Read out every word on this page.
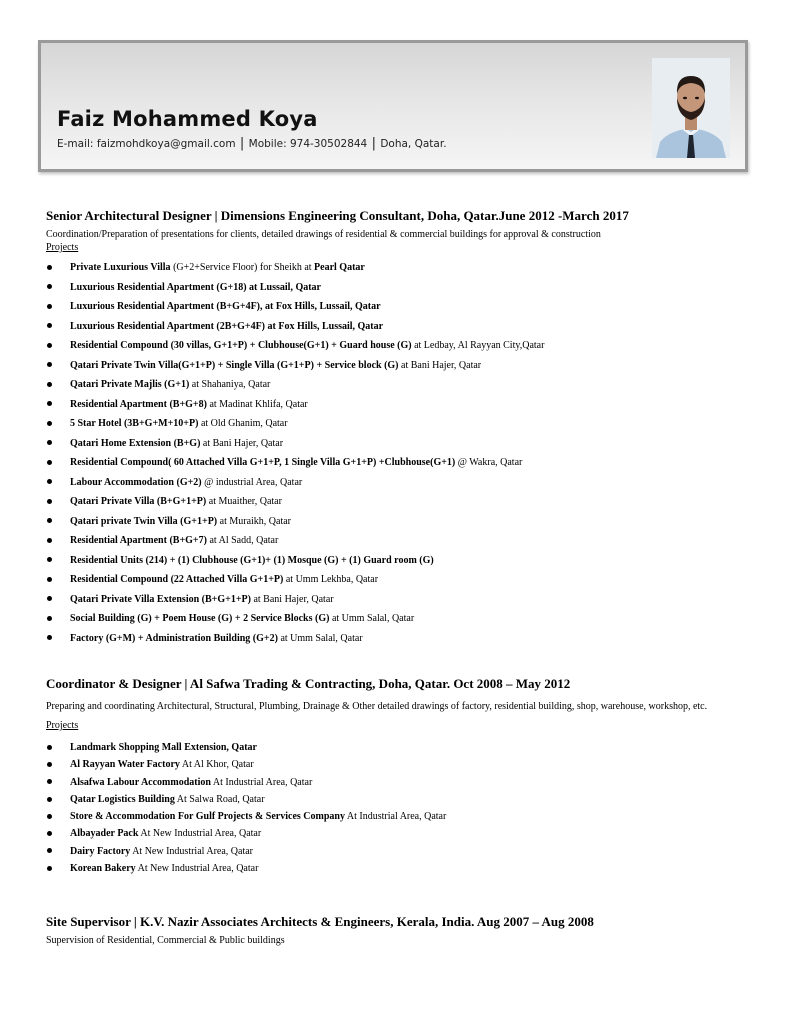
Faiz Mohammed Koya
E-mail: faizmohdkoya@gmail.com | Mobile: 974-30502844 | Doha, Qatar.
Senior Architectural Designer | Dimensions Engineering Consultant, Doha, Qatar.June 2012 -March 2017

Coordination/Preparation of presentations for clients, detailed drawings of residential & commercial buildings for approval & construction

Projects

Private Luxurious Villa (G+2+Service Floor) for Sheikh at Pearl Qatar
Luxurious Residential Apartment (G+18) at Lussail, Qatar
Luxurious Residential Apartment (B+G+4F), at Fox Hills, Lussail, Qatar
Luxurious Residential Apartment (2B+G+4F) at Fox Hills, Lussail, Qatar
Residential Compound (30 villas, G+1+P) + Clubhouse(G+1) + Guard house (G) at Ledbay, Al Rayyan City,Qatar
Qatari Private Twin Villa(G+1+P) + Single Villa (G+1+P) + Service block (G) at Bani Hajer, Qatar
Qatari Private Majlis (G+1) at Shahaniya, Qatar
Residential Apartment (B+G+8) at Madinat Khlifa, Qatar
5 Star Hotel (3B+G+M+10+P) at Old Ghanim, Qatar
Qatari Home Extension (B+G) at Bani Hajer, Qatar
Residential Compound( 60 Attached Villa G+1+P, 1 Single Villa G+1+P) +Clubhouse(G+1) @ Wakra, Qatar
Labour Accommodation (G+2) @ industrial Area, Qatar
Qatari Private Villa (B+G+1+P) at Muaither, Qatar
Qatari private Twin Villa (G+1+P) at Muraikh, Qatar
Residential Apartment (B+G+7) at Al Sadd, Qatar
Residential Units (214) + (1) Clubhouse (G+1)+ (1) Mosque (G) + (1) Guard room (G)
Residential Compound (22 Attached Villa G+1+P) at Umm Lekhba, Qatar
Qatari Private Villa Extension (B+G+1+P) at Bani Hajer, Qatar
Social Building (G) + Poem House (G) + 2 Service Blocks (G) at Umm Salal, Qatar
Factory (G+M) + Administration Building (G+2) at Umm Salal, Qatar
Coordinator & Designer | Al Safwa Trading & Contracting, Doha, Qatar. Oct 2008 – May 2012

Preparing and coordinating Architectural, Structural, Plumbing, Drainage & Other detailed drawings of factory, residential building, shop, warehouse, workshop, etc.

Projects

Landmark Shopping Mall Extension, Qatar
Al Rayyan Water Factory At Al Khor, Qatar
Alsafwa Labour Accommodation At Industrial Area, Qatar
Qatar Logistics Building At Salwa Road, Qatar
Store & Accommodation For Gulf Projects & Services Company At Industrial Area, Qatar
Albayader Pack At New Industrial Area, Qatar
Dairy Factory At New Industrial Area, Qatar
Korean Bakery At New Industrial Area, Qatar
Site Supervisor | K.V. Nazir Associates Architects & Engineers, Kerala, India. Aug 2007 – Aug 2008

Supervision of Residential, Commercial & Public buildings
